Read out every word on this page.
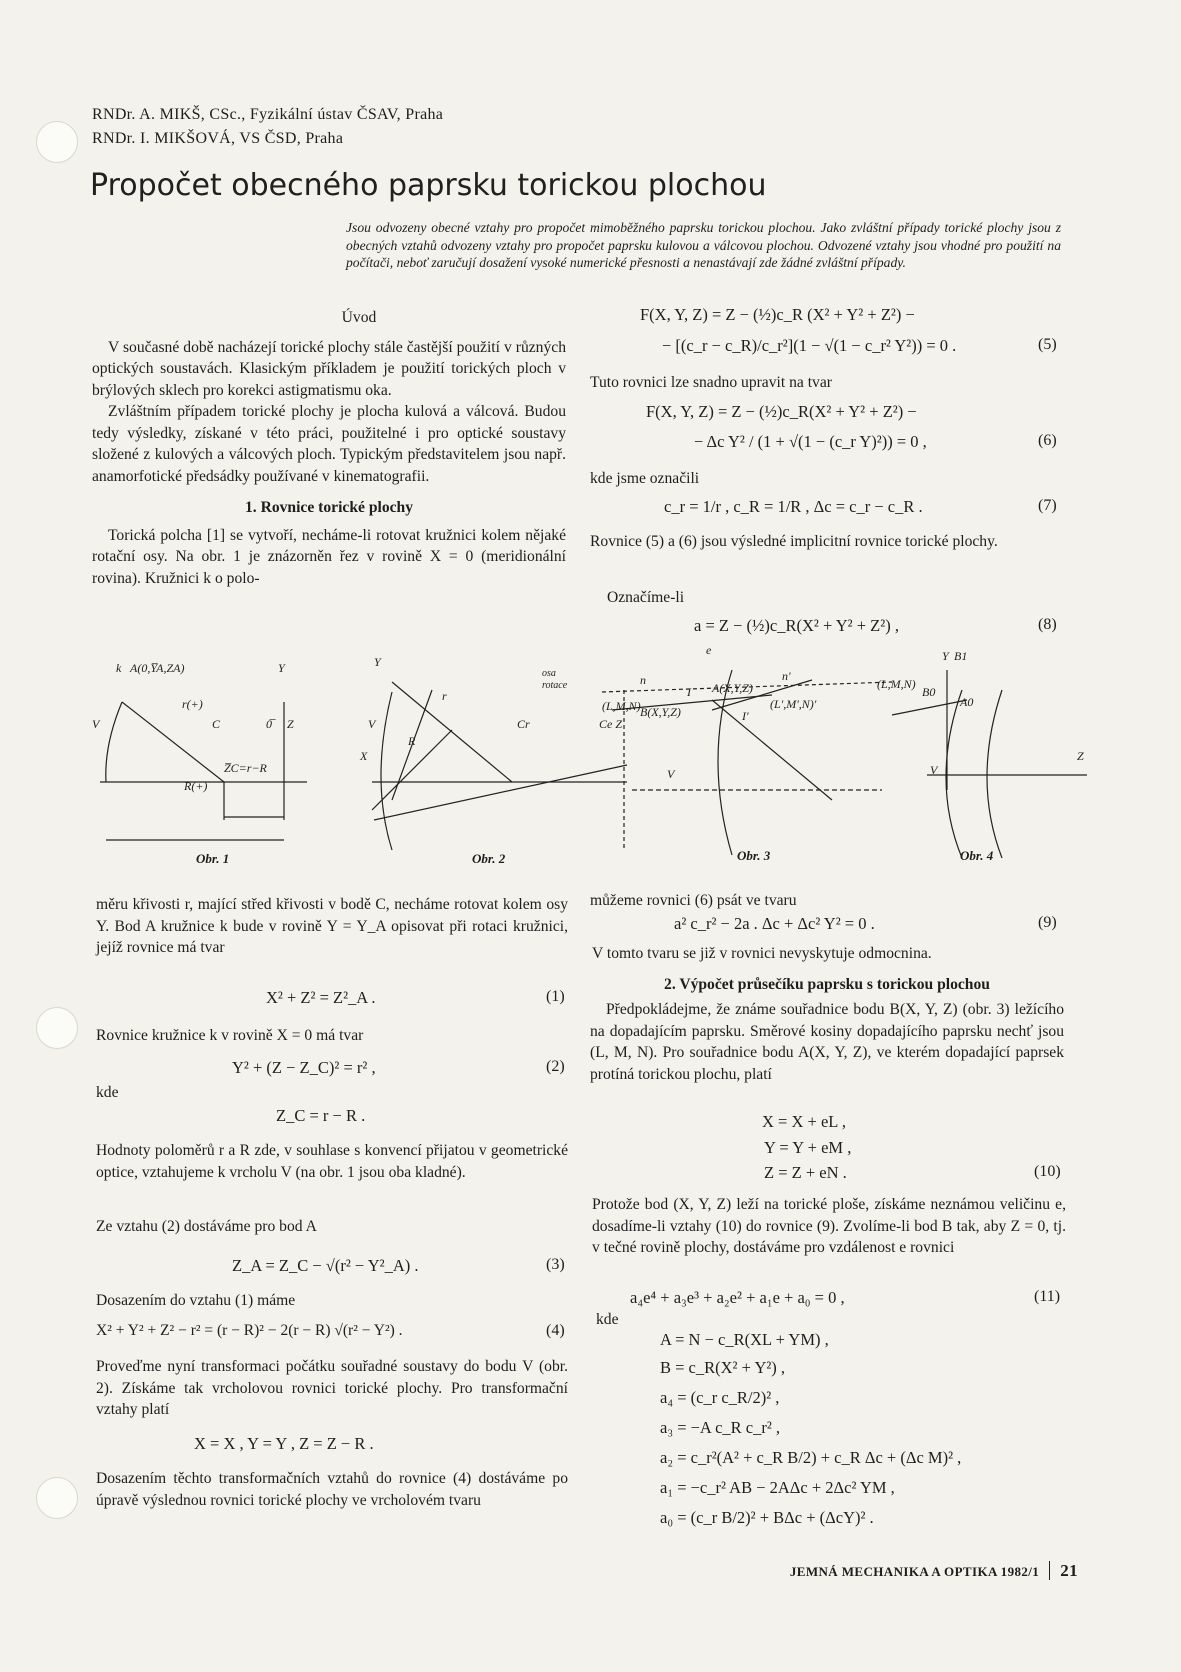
RNDr. A. MIKŠ, CSc., Fyzikální ústav ČSAV, Praha
RNDr. I. MIKŠOVÁ, VS ČSD, Praha
Propočet obecného paprsku torickou plochou
Jsou odvozeny obecné vztahy pro propočet mimoběžného paprsku torickou plochou. Jako zvláštní případy torické plochy jsou z obecných vztahů odvozeny vztahy pro propočet paprsku kulovou a válcovou plochou. Odvozené vztahy jsou vhodné pro použití na počítači, neboť zaručují dosažení vysoké numerické přesnosti a nenastávají zde žádné zvláštní případy.

Úvod

V současné době nacházejí torické plochy stále častější použití v různých optických soustavách. Klasickým příkladem je použití torických ploch v brýlových sklech pro korekci astigmatismu oka.

Zvláštním případem torické plochy je plocha kulová a válcová. Budou tedy výsledky, získané v této práci, použitelné i pro optické soustavy složené z kulových a válcových ploch. Typickým představitelem jsou např. anamorfotické předsádky používané v kinematografii.

1. Rovnice torické plochy

Torická polcha [1] se vytvoří, necháme-li rotovat kružnici kolem nějaké rotační osy. Na obr. 1 je znázorněn řez v rovině X = 0 (meridionální rovina). Kružnici k o polo-

k A(0,Y̅A,ZA)
r(+)
C
V
Y
0̅	Z
Z̅C=r−R
R(+)
Y
V
R
r
Cr	Ce Z
X
osa
rotace	n
e
(L,M,N) B(X,Y,Z)
I A(X,Y,Z)
n'
(L',M',N)'
I'
V
(L,M,N)
B0
Y B1
A0
V
Z
Obr. 1	Obr. 2	Obr. 3	Obr. 4
měru křivosti r, mající střed křivosti v bodě C, necháme rotovat kolem osy Y. Bod A kružnice k bude v rovině Y = Y_A opisovat při rotaci kružnici, jejíž rovnice má tvar
X² + Z² = Z²_A .	(1)
Rovnice kružnice k v rovině X = 0 má tvar
Y² + (Z − Z_C)² = r² ,	(2)
kde
Z_C = r − R .
Hodnoty poloměrů r a R zde, v souhlase s konvencí přijatou v geometrické optice, vztahujeme k vrcholu V (na obr. 1 jsou oba kladné).
Ze vztahu (2) dostáváme pro bod A
Z_A = Z_C − √(r² − Y²_A) .	(3)
Dosazením do vztahu (1) máme
X² + Y² + Z² − r² = (r − R)² − 2(r − R) √(r² − Y²) .	(4)
Proveďme nyní transformaci počátku souřadné soustavy do bodu V (obr. 2). Získáme tak vrcholovou rovnici torické plochy. Pro transformační vztahy platí
X = X , Y = Y , Z = Z − R .
Dosazením těchto transformačních vztahů do rovnice (4) dostáváme po úpravě výslednou rovnici torické plochy ve vrcholovém tvaru
F(X, Y, Z) = Z − (½)c_R (X² + Y² + Z²) −
− [(c_r − c_R)/c_r²](1 − √(1 − c_r² Y²)) = 0 .	(5)
Tuto rovnici lze snadno upravit na tvar
F(X, Y, Z) = Z − (½)c_R(X² + Y² + Z²) −
− Δc Y² / (1 + √(1 − (c_r Y)²)) = 0 ,	(6)
kde jsme označili
c_r = 1/r , c_R = 1/R , Δc = c_r − c_R .	(7)
Rovnice (5) a (6) jsou výsledné implicitní rovnice torické plochy.
Označíme-li
a = Z − (½)c_R(X² + Y² + Z²) ,	(8)
můžeme rovnici (6) psát ve tvaru
a² c_r² − 2a . Δc + Δc² Y² = 0 .	(9)
V tomto tvaru se již v rovnici nevyskytuje odmocnina.
2. Výpočet průsečíku paprsku s torickou plochou
Předpokládejme, že známe souřadnice bodu B(X, Y, Z) (obr. 3) ležícího na dopadajícím paprsku. Směrové kosiny dopadajícího paprsku nechť jsou (L, M, N). Pro souřadnice bodu A(X, Y, Z), ve kterém dopadající paprsek protíná torickou plochu, platí
X = X + eL ,
Y = Y + eM ,
Z = Z + eN .	(10)
Protože bod (X, Y, Z) leží na torické ploše, získáme neznámou veličinu e, dosadíme-li vztahy (10) do rovnice (9). Zvolíme-li bod B tak, aby Z = 0, tj. v tečné rovině plochy, dostáváme pro vzdálenost e rovnici
a₄e⁴ + a₃e³ + a₂e² + a₁e + a₀ = 0 ,	(11)
kde
A = N − c_R(XL + YM) ,
B = c_R(X² + Y²) ,
a₄ = (c_r c_R/2)² ,
a₃ = −A c_R c_r² ,
a₂ = c_r²(A² + c_R B/2) + c_R Δc + (Δc M)² ,
a₁ = −c_r² AB − 2AΔc + 2Δc² YM ,
a₀ = (c_r B/2)² + BΔc + (ΔcY)² .
JEMNÁ MECHANIKA A OPTIKA 1982/1 21
